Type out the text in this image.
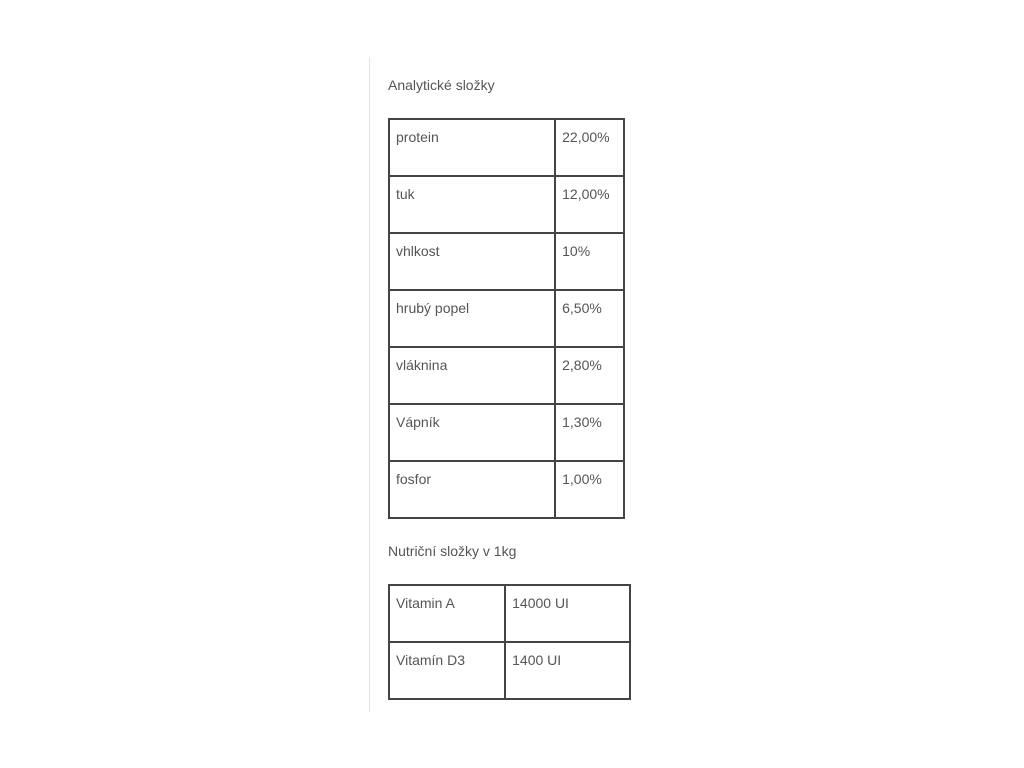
Analytické složky
protein	22,00%
tuk	12,00%
vhlkost	10%
hrubý popel	6,50%
vláknina	2,80%
Vápník	1,30%
fosfor	1,00%
Nutriční složky v 1kg
Vitamin A	14000 UI
Vitamín D3	1400 UI
